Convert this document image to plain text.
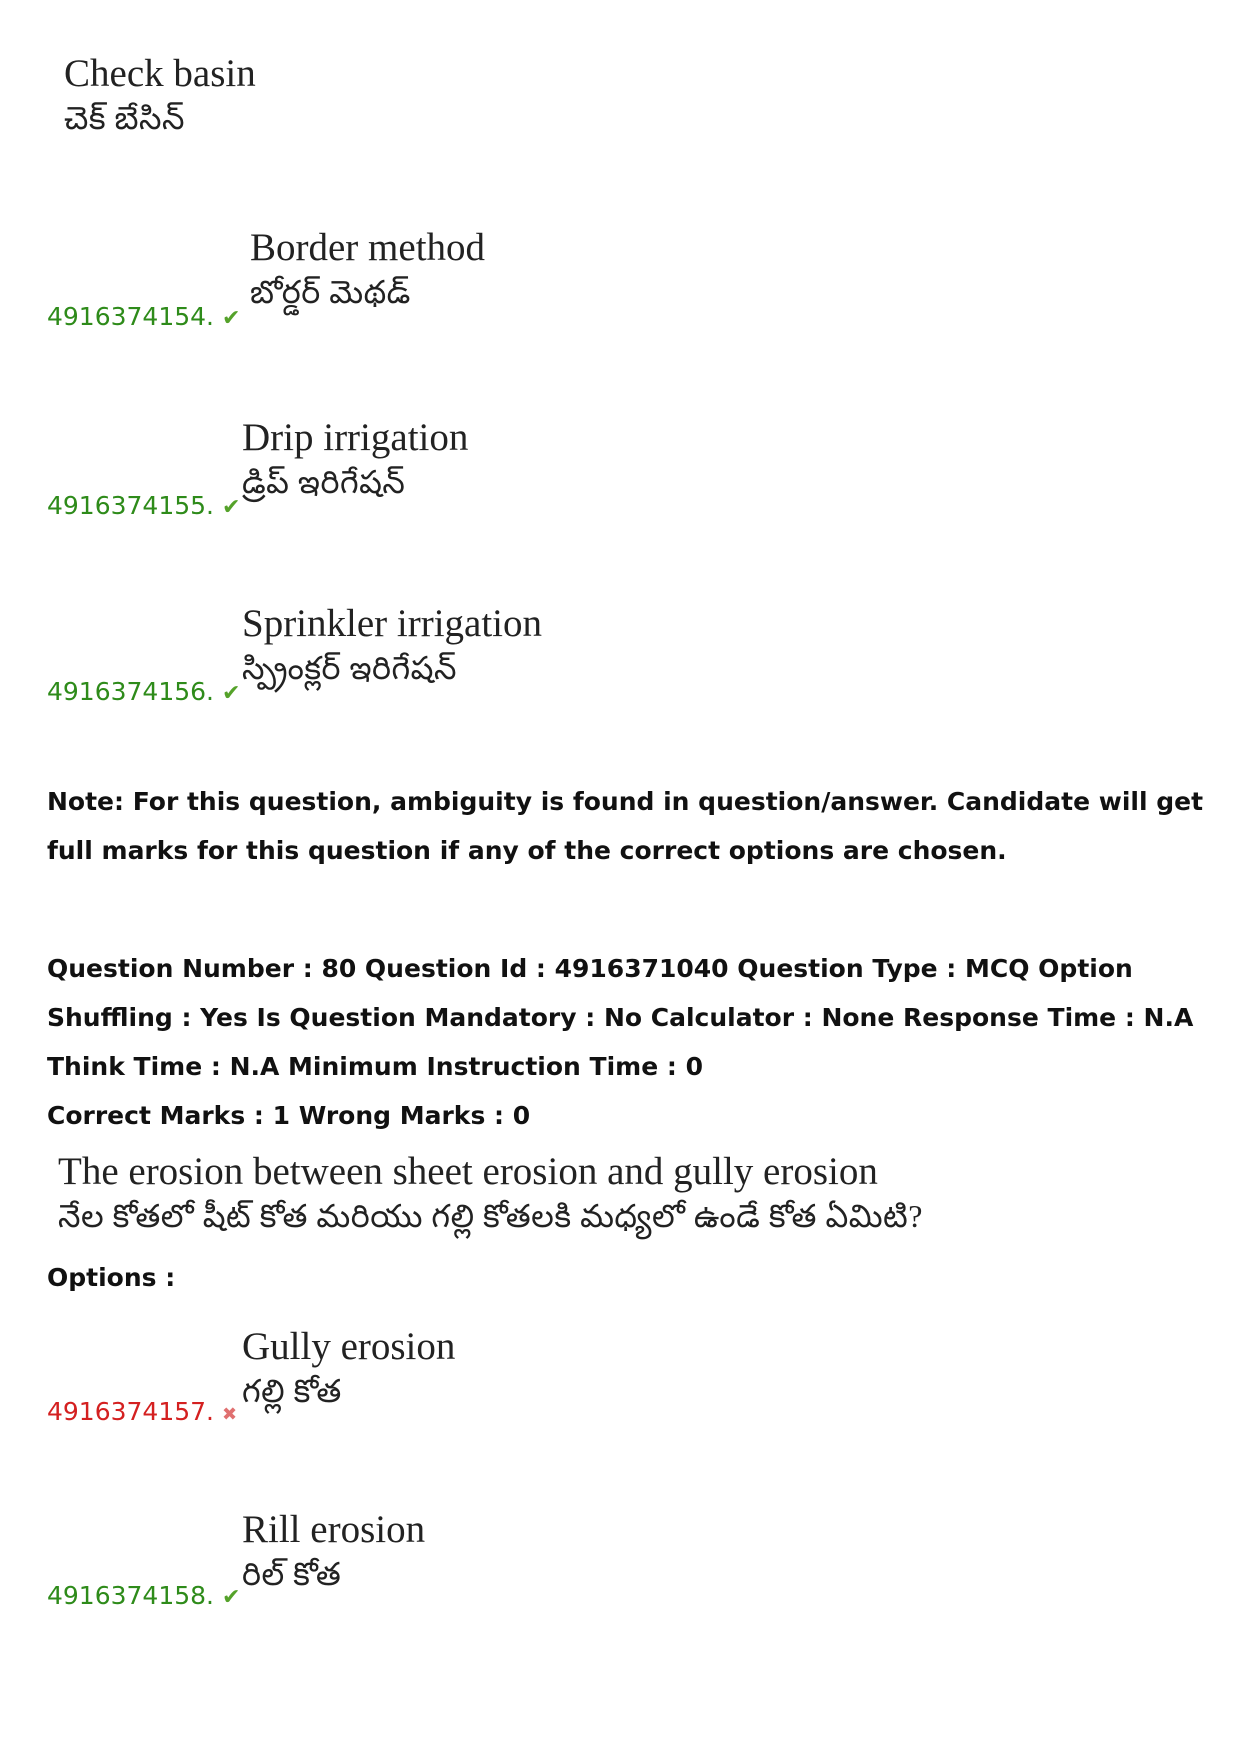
Check basin
చెక్ బేసిన్
4916374154. ✔
Border method
బోర్డర్ మెథడ్
4916374155. ✔
Drip irrigation
డ్రిప్ ఇరిగేషన్
4916374156. ✔
Sprinkler irrigation
స్ప్రింక్లర్ ఇరిగేషన్
Note: For this question, ambiguity is found in question/answer. Candidate will get full marks for this question if any of the correct options are chosen.
Question Number : 80 Question Id : 4916371040 Question Type : MCQ Option Shuffling : Yes Is Question Mandatory : No Calculator : None Response Time : N.A Think Time : N.A Minimum Instruction Time : 0
Correct Marks : 1 Wrong Marks : 0
The erosion between sheet erosion and gully erosion
నేల కోతలో షీట్ కోత మరియు గల్లి కోతలకి మధ్యలో ఉండే కోత ఏమిటి?
Options :
4916374157. ✖
Gully erosion
గల్లి కోత
4916374158. ✔
Rill erosion
రిల్ కోత
